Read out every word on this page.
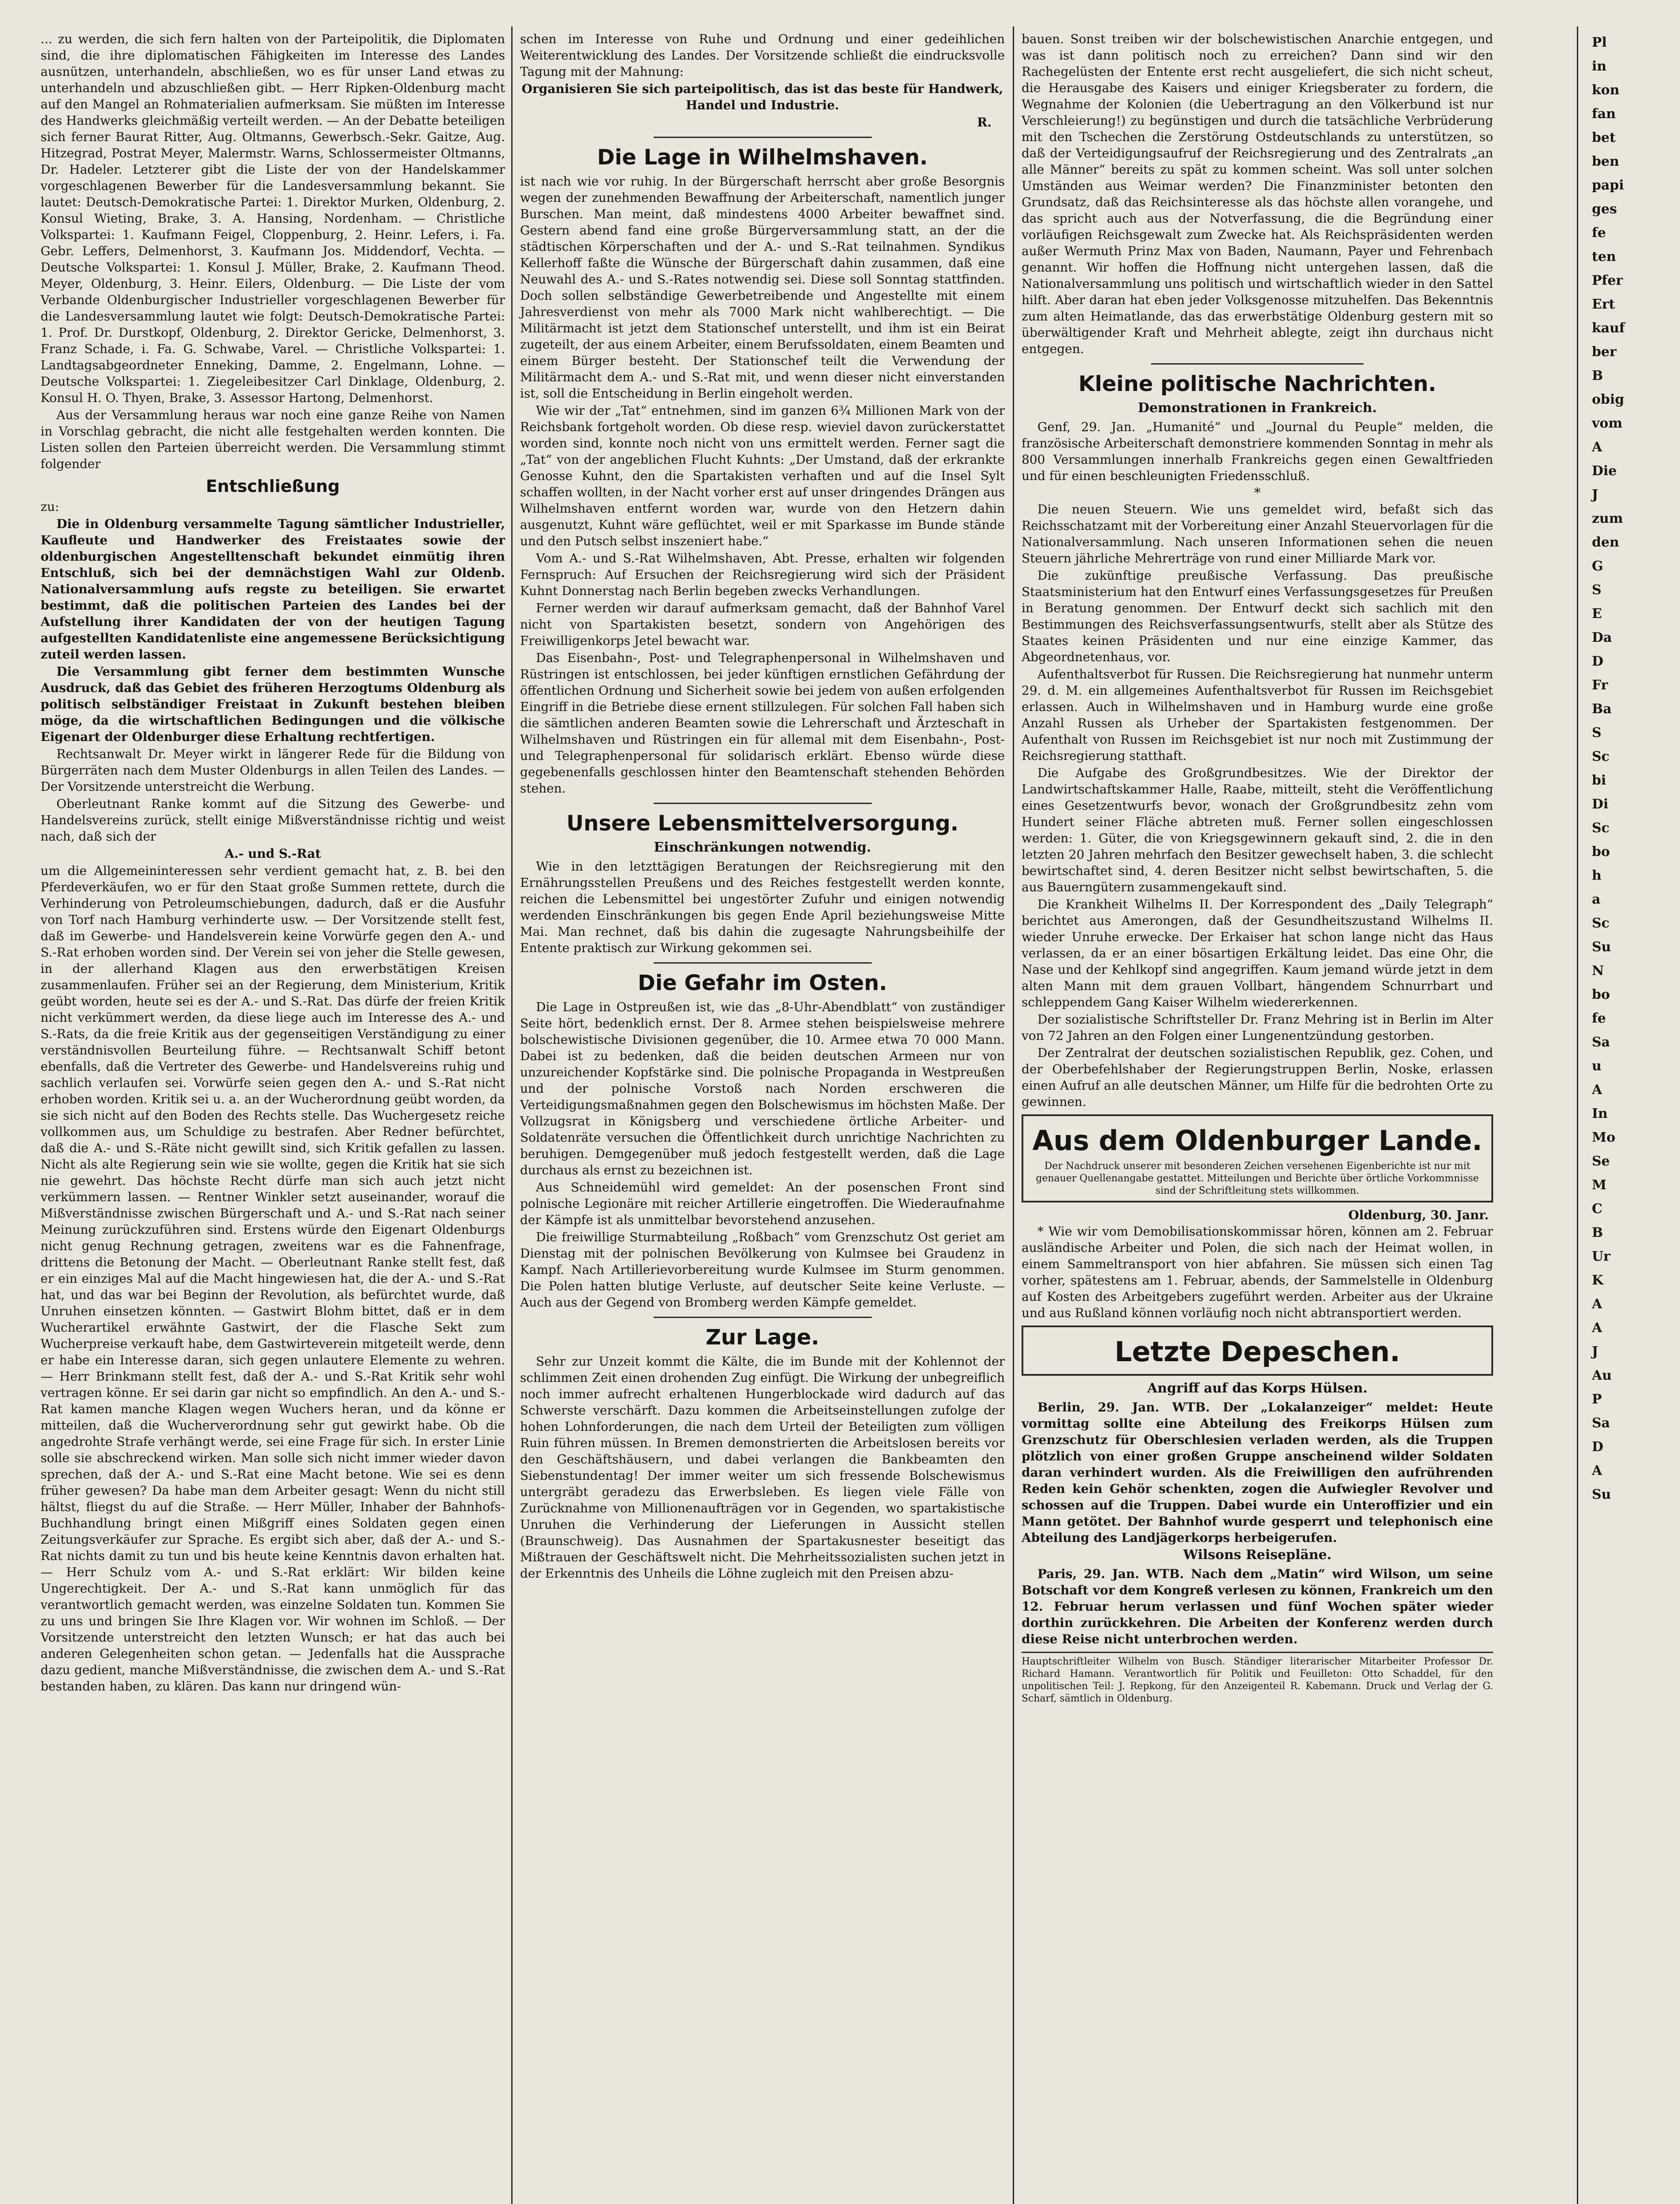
... zu werden, die sich fern halten von der Parteipolitik, die Diplomaten sind, die ihre diplomatischen Fähigkeiten im Interesse des Landes ausnützen, unterhandeln, abschließen, wo es für unser Land etwas zu unterhandeln und abzuschließen gibt. — Herr Ripken-Oldenburg macht auf den Mangel an Rohmaterialien aufmerksam. Sie müßten im Interesse des Handwerks gleichmäßig verteilt werden. — An der Debatte beteiligen sich ferner Baurat Ritter, Aug. Oltmanns, Gewerbsch.-Sekr. Gaitze, Aug. Hitzegrad, Postrat Meyer, Malermstr. Warns, Schlossermeister Oltmanns, Dr. Hadeler. Letzterer gibt die Liste der von der Handelskammer vorgeschlagenen Bewerber für die Landesversammlung bekannt. Sie lautet: Deutsch-Demokratische Partei: 1. Direktor Murken, Oldenburg, 2. Konsul Wieting, Brake, 3. A. Hansing, Nordenham. — Christliche Volkspartei: 1. Kaufmann Feigel, Cloppenburg, 2. Heinr. Lefers, i. Fa. Gebr. Leffers, Delmenhorst, 3. Kaufmann Jos. Middendorf, Vechta. — Deutsche Volkspartei: 1. Konsul J. Müller, Brake, 2. Kaufmann Theod. Meyer, Oldenburg, 3. Heinr. Eilers, Oldenburg. — Die Liste der vom Verbande Oldenburgischer Industrieller vorgeschlagenen Bewerber für die Landesversammlung lautet wie folgt: Deutsch-Demokratische Partei: 1. Prof. Dr. Durstkopf, Oldenburg, 2. Direktor Gericke, Delmenhorst, 3. Franz Schade, i. Fa. G. Schwabe, Varel. — Christliche Volkspartei: 1. Landtagsabgeordneter Enneking, Damme, 2. Engelmann, Lohne. — Deutsche Volkspartei: 1. Ziegeleibesitzer Carl Dinklage, Oldenburg, 2. Konsul H. O. Thyen, Brake, 3. Assessor Hartong, Delmenhorst.

Aus der Versammlung heraus war noch eine ganze Reihe von Namen in Vorschlag gebracht, die nicht alle festgehalten werden konnten. Die Listen sollen den Parteien überreicht werden. Die Versammlung stimmt folgender

Entschließung

zu:

Die in Oldenburg versammelte Tagung sämtlicher Industrieller, Kaufleute und Handwerker des Freistaates sowie der oldenburgischen Angestelltenschaft bekundet einmütig ihren Entschluß, sich bei der demnächstigen Wahl zur Oldenb. Nationalversammlung aufs regste zu beteiligen. Sie erwartet bestimmt, daß die politischen Parteien des Landes bei der Aufstellung ihrer Kandidaten der von der heutigen Tagung aufgestellten Kandidatenliste eine angemessene Berücksichtigung zuteil werden lassen.

Die Versammlung gibt ferner dem bestimmten Wunsche Ausdruck, daß das Gebiet des früheren Herzogtums Oldenburg als politisch selbständiger Freistaat in Zukunft bestehen bleiben möge, da die wirtschaftlichen Bedingungen und die völkische Eigenart der Oldenburger diese Erhaltung rechtfertigen.

Rechtsanwalt Dr. Meyer wirkt in längerer Rede für die Bildung von Bürgerräten nach dem Muster Oldenburgs in allen Teilen des Landes. — Der Vorsitzende unterstreicht die Werbung.

Oberleutnant Ranke kommt auf die Sitzung des Gewerbe- und Handelsvereins zurück, stellt einige Mißverständnisse richtig und weist nach, daß sich der

A.- und S.-Rat

um die Allgemeininteressen sehr verdient gemacht hat, z. B. bei den Pferdeverkäufen, wo er für den Staat große Summen rettete, durch die Verhinderung von Petroleumschiebungen, dadurch, daß er die Ausfuhr von Torf nach Hamburg verhinderte usw. — Der Vorsitzende stellt fest, daß im Gewerbe- und Handelsverein keine Vorwürfe gegen den A.- und S.-Rat erhoben worden sind. Der Verein sei von jeher die Stelle gewesen, in der allerhand Klagen aus den erwerbstätigen Kreisen zusammenlaufen. Früher sei an der Regierung, dem Ministerium, Kritik geübt worden, heute sei es der A.- und S.-Rat. Das dürfe der freien Kritik nicht verkümmert werden, da diese liege auch im Interesse des A.- und S.-Rats, da die freie Kritik aus der gegenseitigen Verständigung zu einer verständnisvollen Beurteilung führe. — Rechtsanwalt Schiff betont ebenfalls, daß die Vertreter des Gewerbe- und Handelsvereins ruhig und sachlich verlaufen sei. Vorwürfe seien gegen den A.- und S.-Rat nicht erhoben worden. Kritik sei u. a. an der Wucherordnung geübt worden, da sie sich nicht auf den Boden des Rechts stelle. Das Wuchergesetz reiche vollkommen aus, um Schuldige zu bestrafen. Aber Redner befürchtet, daß die A.- und S.-Räte nicht gewillt sind, sich Kritik gefallen zu lassen. Nicht als alte Regierung sein wie sie wollte, gegen die Kritik hat sie sich nie gewehrt. Das höchste Recht dürfe man sich auch jetzt nicht verkümmern lassen. — Rentner Winkler setzt auseinander, worauf die Mißverständnisse zwischen Bürgerschaft und A.- und S.-Rat nach seiner Meinung zurückzuführen sind. Erstens würde den Eigenart Oldenburgs nicht genug Rechnung getragen, zweitens war es die Fahnenfrage, drittens die Betonung der Macht. — Oberleutnant Ranke stellt fest, daß er ein einziges Mal auf die Macht hingewiesen hat, die der A.- und S.-Rat hat, und das war bei Beginn der Revolution, als befürchtet wurde, daß Unruhen einsetzen könnten. — Gastwirt Blohm bittet, daß er in dem Wucherartikel erwähnte Gastwirt, der die Flasche Sekt zum Wucherpreise verkauft habe, dem Gastwirteverein mitgeteilt werde, denn er habe ein Interesse daran, sich gegen unlautere Elemente zu wehren. — Herr Brinkmann stellt fest, daß der A.- und S.-Rat Kritik sehr wohl vertragen könne. Er sei darin gar nicht so empfindlich. An den A.- und S.-Rat kamen manche Klagen wegen Wuchers heran, und da könne er mitteilen, daß die Wucherverordnung sehr gut gewirkt habe. Ob die angedrohte Strafe verhängt werde, sei eine Frage für sich. In erster Linie solle sie abschreckend wirken. Man solle sich nicht immer wieder davon sprechen, daß der A.- und S.-Rat eine Macht betone. Wie sei es denn früher gewesen? Da habe man dem Arbeiter gesagt: Wenn du nicht still hältst, fliegst du auf die Straße. — Herr Müller, Inhaber der Bahnhofs-Buchhandlung bringt einen Mißgriff eines Soldaten gegen einen Zeitungsverkäufer zur Sprache. Es ergibt sich aber, daß der A.- und S.-Rat nichts damit zu tun und bis heute keine Kenntnis davon erhalten hat. — Herr Schulz vom A.- und S.-Rat erklärt: Wir bilden keine Ungerechtigkeit. Der A.- und S.-Rat kann unmöglich für das verantwortlich gemacht werden, was einzelne Soldaten tun. Kommen Sie zu uns und bringen Sie Ihre Klagen vor. Wir wohnen im Schloß. — Der Vorsitzende unterstreicht den letzten Wunsch; er hat das auch bei anderen Gelegenheiten schon getan. — Jedenfalls hat die Aussprache dazu gedient, manche Mißverständnisse, die zwischen dem A.- und S.-Rat bestanden haben, zu klären. Das kann nur dringend wün-

schen im Interesse von Ruhe und Ordnung und einer gedeihlichen Weiterentwicklung des Landes. Der Vorsitzende schließt die eindrucksvolle Tagung mit der Mahnung:

Organisieren Sie sich parteipolitisch, das ist das beste für Handwerk, Handel und Industrie.

R.
Die Lage in Wilhelmshaven.

ist nach wie vor ruhig. In der Bürgerschaft herrscht aber große Besorgnis wegen der zunehmenden Bewaffnung der Arbeiterschaft, namentlich junger Burschen. Man meint, daß mindestens 4000 Arbeiter bewaffnet sind. Gestern abend fand eine große Bürgerversammlung statt, an der die städtischen Körperschaften und der A.- und S.-Rat teilnahmen. Syndikus Kellerhoff faßte die Wünsche der Bürgerschaft dahin zusammen, daß eine Neuwahl des A.- und S.-Rates notwendig sei. Diese soll Sonntag stattfinden. Doch sollen selbständige Gewerbetreibende und Angestellte mit einem Jahresverdienst von mehr als 7000 Mark nicht wahlberechtigt. — Die Militärmacht ist jetzt dem Stationschef unterstellt, und ihm ist ein Beirat zugeteilt, der aus einem Arbeiter, einem Berufssoldaten, einem Beamten und einem Bürger besteht. Der Stationschef teilt die Verwendung der Militärmacht dem A.- und S.-Rat mit, und wenn dieser nicht einverstanden ist, soll die Entscheidung in Berlin eingeholt werden.

Wie wir der „Tat“ entnehmen, sind im ganzen 6¾ Millionen Mark von der Reichsbank fortgeholt worden. Ob diese resp. wieviel davon zurückerstattet worden sind, konnte noch nicht von uns ermittelt werden. Ferner sagt die „Tat“ von der angeblichen Flucht Kuhnts: „Der Umstand, daß der erkrankte Genosse Kuhnt, den die Spartakisten verhaften und auf die Insel Sylt schaffen wollten, in der Nacht vorher erst auf unser dringendes Drängen aus Wilhelmshaven entfernt worden war, wurde von den Hetzern dahin ausgenutzt, Kuhnt wäre geflüchtet, weil er mit Sparkasse im Bunde stände und den Putsch selbst inszeniert habe.“

Vom A.- und S.-Rat Wilhelmshaven, Abt. Presse, erhalten wir folgenden Fernspruch: Auf Ersuchen der Reichsregierung wird sich der Präsident Kuhnt Donnerstag nach Berlin begeben zwecks Verhandlungen.

Ferner werden wir darauf aufmerksam gemacht, daß der Bahnhof Varel nicht von Spartakisten besetzt, sondern von Angehörigen des Freiwilligenkorps Jetel bewacht war.

Das Eisenbahn-, Post- und Telegraphenpersonal in Wilhelmshaven und Rüstringen ist entschlossen, bei jeder künftigen ernstlichen Gefährdung der öffentlichen Ordnung und Sicherheit sowie bei jedem von außen erfolgenden Eingriff in die Betriebe diese ernent stillzulegen. Für solchen Fall haben sich die sämtlichen anderen Beamten sowie die Lehrerschaft und Ärzteschaft in Wilhelmshaven und Rüstringen ein für allemal mit dem Eisenbahn-, Post- und Telegraphenpersonal für solidarisch erklärt. Ebenso würde diese gegebenenfalls geschlossen hinter den Beamtenschaft stehenden Behörden stehen.

Unsere Lebensmittelversorgung.
Einschränkungen notwendig.

Wie in den letzttägigen Beratungen der Reichsregierung mit den Ernährungsstellen Preußens und des Reiches festgestellt werden konnte, reichen die Lebensmittel bei ungestörter Zufuhr und einigen notwendig werdenden Einschränkungen bis gegen Ende April beziehungsweise Mitte Mai. Man rechnet, daß bis dahin die zugesagte Nahrungsbeihilfe der Entente praktisch zur Wirkung gekommen sei.

Die Gefahr im Osten.

Die Lage in Ostpreußen ist, wie das „8-Uhr-Abendblatt“ von zuständiger Seite hört, bedenklich ernst. Der 8. Armee stehen beispielsweise mehrere bolschewistische Divisionen gegenüber, die 10. Armee etwa 70 000 Mann. Dabei ist zu bedenken, daß die beiden deutschen Armeen nur von unzureichender Kopfstärke sind. Die polnische Propaganda in Westpreußen und der polnische Vorstoß nach Norden erschweren die Verteidigungsmaßnahmen gegen den Bolschewismus im höchsten Maße. Der Vollzugsrat in Königsberg und verschiedene örtliche Arbeiter- und Soldatenräte versuchen die Öffentlichkeit durch unrichtige Nachrichten zu beruhigen. Demgegenüber muß jedoch festgestellt werden, daß die Lage durchaus als ernst zu bezeichnen ist.

Aus Schneidemühl wird gemeldet: An der posenschen Front sind polnische Legionäre mit reicher Artillerie eingetroffen. Die Wiederaufnahme der Kämpfe ist als unmittelbar bevorstehend anzusehen.

Die freiwillige Sturmabteilung „Roßbach“ vom Grenzschutz Ost geriet am Dienstag mit der polnischen Bevölkerung von Kulmsee bei Graudenz in Kampf. Nach Artillerievorbereitung wurde Kulmsee im Sturm genommen. Die Polen hatten blutige Verluste, auf deutscher Seite keine Verluste. — Auch aus der Gegend von Bromberg werden Kämpfe gemeldet.

Zur Lage.

Sehr zur Unzeit kommt die Kälte, die im Bunde mit der Kohlennot der schlimmen Zeit einen drohenden Zug einfügt. Die Wirkung der unbegreiflich noch immer aufrecht erhaltenen Hungerblockade wird dadurch auf das Schwerste verschärft. Dazu kommen die Arbeitseinstellungen zufolge der hohen Lohnforderungen, die nach dem Urteil der Beteiligten zum völligen Ruin führen müssen. In Bremen demonstrierten die Arbeitslosen bereits vor den Geschäftshäusern, und dabei verlangen die Bankbeamten den Siebenstundentag! Der immer weiter um sich fressende Bolschewismus untergräbt geradezu das Erwerbsleben. Es liegen viele Fälle von Zurücknahme von Millionenaufträgen vor in Gegenden, wo spartakistische Unruhen die Verhinderung der Lieferungen in Aussicht stellen (Braunschweig). Das Ausnahmen der Spartakusnester beseitigt das Mißtrauen der Geschäftswelt nicht. Die Mehrheitssozialisten suchen jetzt in der Erkenntnis des Unheils die Löhne zugleich mit den Preisen abzu-

bauen. Sonst treiben wir der bolschewistischen Anarchie entgegen, und was ist dann politisch noch zu erreichen? Dann sind wir den Rachegelüsten der Entente erst recht ausgeliefert, die sich nicht scheut, die Herausgabe des Kaisers und einiger Kriegsberater zu fordern, die Wegnahme der Kolonien (die Uebertragung an den Völkerbund ist nur Verschleierung!) zu begünstigen und durch die tatsächliche Verbrüderung mit den Tschechen die Zerstörung Ostdeutschlands zu unterstützen, so daß der Verteidigungsaufruf der Reichsregierung und des Zentralrats „an alle Männer“ bereits zu spät zu kommen scheint. Was soll unter solchen Umständen aus Weimar werden? Die Finanzminister betonten den Grundsatz, daß das Reichsinteresse als das höchste allen vorangehe, und das spricht auch aus der Notverfassung, die die Begründung einer vorläufigen Reichsgewalt zum Zwecke hat. Als Reichspräsidenten werden außer Wermuth Prinz Max von Baden, Naumann, Payer und Fehrenbach genannt. Wir hoffen die Hoffnung nicht untergehen lassen, daß die Nationalversammlung uns politisch und wirtschaftlich wieder in den Sattel hilft. Aber daran hat eben jeder Volksgenosse mitzuhelfen. Das Bekenntnis zum alten Heimatlande, das das erwerbstätige Oldenburg gestern mit so überwältigender Kraft und Mehrheit ablegte, zeigt ihn durchaus nicht entgegen.

Kleine politische Nachrichten.
Demonstrationen in Frankreich.

Genf, 29. Jan. „Humanité“ und „Journal du Peuple“ melden, die französische Arbeiterschaft demonstriere kommenden Sonntag in mehr als 800 Versammlungen innerhalb Frankreichs gegen einen Gewaltfrieden und für einen beschleunigten Friedensschluß.

*

Die neuen Steuern. Wie uns gemeldet wird, befaßt sich das Reichsschatzamt mit der Vorbereitung einer Anzahl Steuervorlagen für die Nationalversammlung. Nach unseren Informationen sehen die neuen Steuern jährliche Mehrerträge von rund einer Milliarde Mark vor.

Die zukünftige preußische Verfassung. Das preußische Staatsministerium hat den Entwurf eines Verfassungsgesetzes für Preußen in Beratung genommen. Der Entwurf deckt sich sachlich mit den Bestimmungen des Reichsverfassungsentwurfs, stellt aber als Stütze des Staates keinen Präsidenten und nur eine einzige Kammer, das Abgeordnetenhaus, vor.

Aufenthaltsverbot für Russen. Die Reichsregierung hat nunmehr unterm 29. d. M. ein allgemeines Aufenthaltsverbot für Russen im Reichsgebiet erlassen. Auch in Wilhelmshaven und in Hamburg wurde eine große Anzahl Russen als Urheber der Spartakisten festgenommen. Der Aufenthalt von Russen im Reichsgebiet ist nur noch mit Zustimmung der Reichsregierung statthaft.

Die Aufgabe des Großgrundbesitzes. Wie der Direktor der Landwirtschaftskammer Halle, Raabe, mitteilt, steht die Veröffentlichung eines Gesetzentwurfs bevor, wonach der Großgrundbesitz zehn vom Hundert seiner Fläche abtreten muß. Ferner sollen eingeschlossen werden: 1. Güter, die von Kriegsgewinnern gekauft sind, 2. die in den letzten 20 Jahren mehrfach den Besitzer gewechselt haben, 3. die schlecht bewirtschaftet sind, 4. deren Besitzer nicht selbst bewirtschaften, 5. die aus Bauerngütern zusammengekauft sind.

Die Krankheit Wilhelms II. Der Korrespondent des „Daily Telegraph“ berichtet aus Amerongen, daß der Gesundheitszustand Wilhelms II. wieder Unruhe erwecke. Der Erkaiser hat schon lange nicht das Haus verlassen, da er an einer bösartigen Erkältung leidet. Das eine Ohr, die Nase und der Kehlkopf sind angegriffen. Kaum jemand würde jetzt in dem alten Mann mit dem grauen Vollbart, hängendem Schnurrbart und schleppendem Gang Kaiser Wilhelm wiedererkennen.

Der sozialistische Schriftsteller Dr. Franz Mehring ist in Berlin im Alter von 72 Jahren an den Folgen einer Lungenentzündung gestorben.

Der Zentralrat der deutschen sozialistischen Republik, gez. Cohen, und der Oberbefehlshaber der Regierungstruppen Berlin, Noske, erlassen einen Aufruf an alle deutschen Männer, um Hilfe für die bedrohten Orte zu gewinnen.

Aus dem Oldenburger Lande.

Der Nachdruck unserer mit besonderen Zeichen versehenen Eigenberichte ist nur mit genauer Quellenangabe gestattet. Mitteilungen und Berichte über örtliche Vorkommnisse sind der Schriftleitung stets willkommen.

Oldenburg, 30. Janr.

* Wie wir vom Demobilisationskommissar hören, können am 2. Februar ausländische Arbeiter und Polen, die sich nach der Heimat wollen, in einem Sammeltransport von hier abfahren. Sie müssen sich einen Tag vorher, spätestens am 1. Februar, abends, der Sammelstelle in Oldenburg auf Kosten des Arbeitgebers zugeführt werden. Arbeiter aus der Ukraine und aus Rußland können vorläufig noch nicht abtransportiert werden.

Letzte Depeschen.
Angriff auf das Korps Hülsen.

Berlin, 29. Jan. WTB. Der „Lokalanzeiger“ meldet: Heute vormittag sollte eine Abteilung des Freikorps Hülsen zum Grenzschutz für Oberschlesien verladen werden, als die Truppen plötzlich von einer großen Gruppe anscheinend wilder Soldaten daran verhindert wurden. Als die Freiwilligen den aufrührenden Reden kein Gehör schenkten, zogen die Aufwiegler Revolver und schossen auf die Truppen. Dabei wurde ein Unteroffizier und ein Mann getötet. Der Bahnhof wurde gesperrt und telephonisch eine Abteilung des Landjägerkorps herbeigerufen.

Wilsons Reisepläne.

Paris, 29. Jan. WTB. Nach dem „Matin“ wird Wilson, um seine Botschaft vor dem Kongreß verlesen zu können, Frankreich um den 12. Februar herum verlassen und fünf Wochen später wieder dorthin zurückkehren. Die Arbeiten der Konferenz werden durch diese Reise nicht unterbrochen werden.

Hauptschriftleiter Wilhelm von Busch. Ständiger literarischer Mitarbeiter Professor Dr. Richard Hamann. Verantwortlich für Politik und Feuilleton: Otto Schaddel, für den unpolitischen Teil: J. Repkong, für den Anzeigenteil R. Kabemann. Druck und Verlag der G. Scharf, sämtlich in Oldenburg.
Pl
in
kon
fan
bet
ben
papi
ges
fe
ten
Pfer
Ert
kauf
ber
B
obig
vom
A
Die
J
zum
den
G
S
E
Da
D
Fr
Ba
S
Sc
bi
Di
Sc
bo
h
a
Sc
Su
N
bo
fe
Sa
u
A
In
Mo
Se
M
C
B
Ur
K
A
A
J
Au
P
Sa
D
A
Su
